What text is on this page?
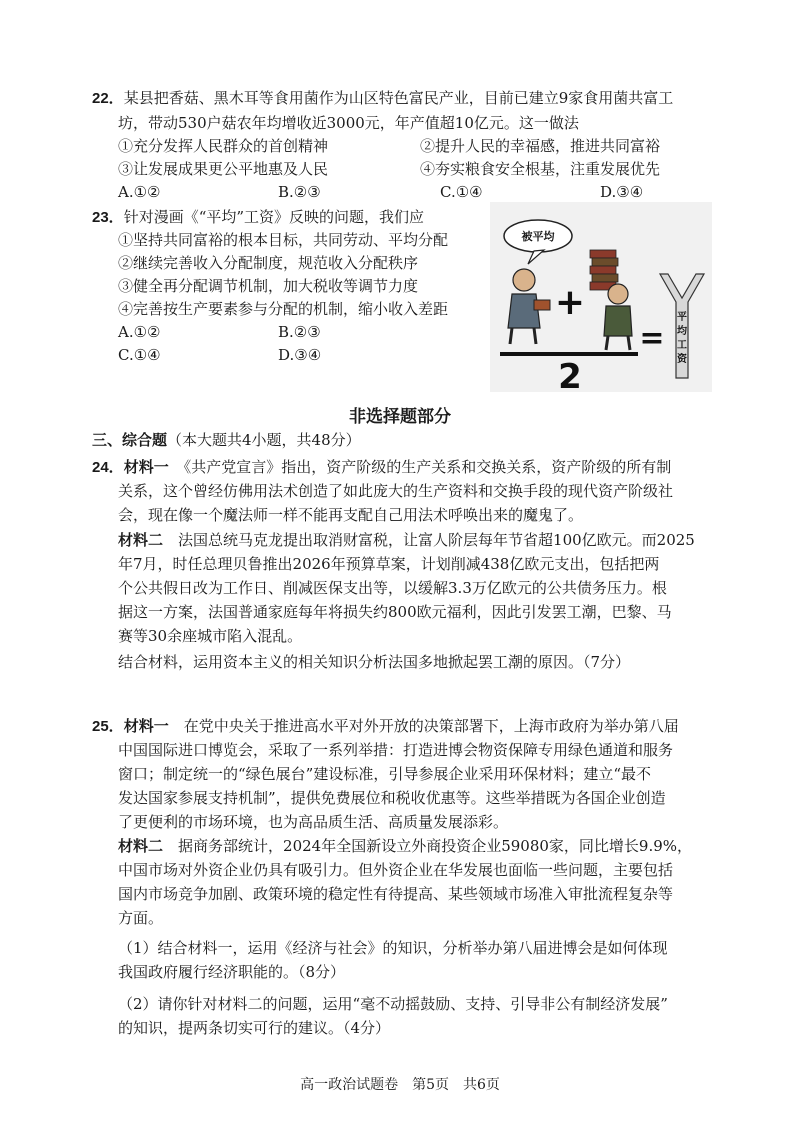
22．某县把香菇、黑木耳等食用菌作为山区特色富民产业，目前已建立9家食用菌共富工
坊，带动530户菇农年均增收近3000元，年产值超10亿元。这一做法
①充分发挥人民群众的首创精神	②提升人民的幸福感，推进共同富裕
③让发展成果更公平地惠及人民	④夯实粮食安全根基，注重发展优先
A.①②	B.②③	C.①④	D.③④
23．针对漫画《“平均”工资》反映的问题，我们应
①坚持共同富裕的根本目标，共同劳动、平均分配
②继续完善收入分配制度，规范收入分配秩序
③健全再分配调节机制，加大税收等调节力度
④完善按生产要素参与分配的机制，缩小收入差距
A.①②	B.②③
C.①④	D.③④
被平均
+
2
=
平
均
工
资
非选择题部分
三、综合题（本大题共4小题，共48分）
24．材料一　 《共产党宣言》指出，资产阶级的生产关系和交换关系，资产阶级的所有制
关系，这个曾经仿佛用法术创造了如此庞大的生产资料和交换手段的现代资产阶级社
会，现在像一个魔法师一样不能再支配自己用法术呼唤出来的魔鬼了。
材料二　 法国总统马克龙提出取消财富税，让富人阶层每年节省超100亿欧元。而2025
年7月，时任总理贝鲁推出2026年预算草案，计划削减438亿欧元支出，包括把两
个公共假日改为工作日、削减医保支出等，以缓解3.3万亿欧元的公共债务压力。根
据这一方案，法国普通家庭每年将损失约800欧元福利，因此引发罢工潮，巴黎、马
赛等30余座城市陷入混乱。
结合材料，运用资本主义的相关知识分析法国多地掀起罢工潮的原因。（7分）
25．材料一　 在党中央关于推进高水平对外开放的决策部署下，上海市政府为举办第八届
中国国际进口博览会，采取了一系列举措：打造进博会物资保障专用绿色通道和服务
窗口；制定统一的“绿色展台”建设标准，引导参展企业采用环保材料；建立“最不
发达国家参展支持机制”，提供免费展位和税收优惠等。这些举措既为各国企业创造
了更便利的市场环境，也为高品质生活、高质量发展添彩。
材料二　 据商务部统计，2024年全国新设立外商投资企业59080家，同比增长9.9%，
中国市场对外资企业仍具有吸引力。但外资企业在华发展也面临一些问题，主要包括
国内市场竞争加剧、政策环境的稳定性有待提高、某些领域市场准入审批流程复杂等
方面。
（1）结合材料一，运用《经济与社会》的知识，分析举办第八届进博会是如何体现
我国政府履行经济职能的。（8分）
（2）请你针对材料二的问题，运用“毫不动摇鼓励、支持、引导非公有制经济发展”
的知识，提两条切实可行的建议。（4分）
高一政治试题卷　第5页　共6页
